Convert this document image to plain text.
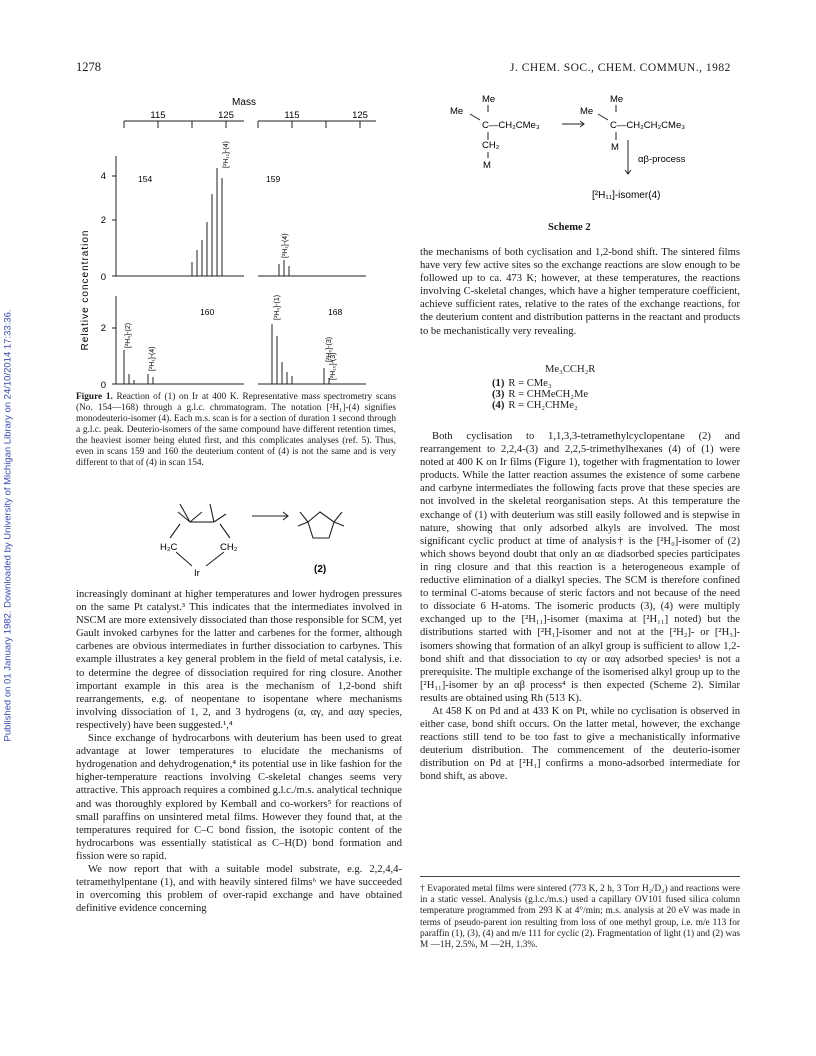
Published on 01 January 1982. Downloaded by University of Michigan Library on 24/10/2014 17:33:36.
1278	J. CHEM. SOC., CHEM. COMMUN., 1982
Mass
115	125	115	125
Relative concentration
4
2
0
154
[²H₁₁]-(4)
159
[²H₁]-(4)
2
0
160
[²H₀]-(2)
[²H₁]-(4)
168
[²H₀]-(1)
[²H₀]-(3)
[²H₁₀]-(3)
Figure 1. Reaction of (1) on Ir at 400 K. Representative mass spectrometry scans (No. 154—168) through a g.l.c. chromatogram. The notation [²H₁]-(4) signifies monodeuterio-isomer (4). Each m.s. scan is for a section of duration 1 second through a g.l.c. peak. Deuterio-isomers of the same compound have different retention times, the heaviest isomer being eluted first, and this complicates analyses (ref. 5). Thus, even in scans 159 and 160 the deuterium content of (4) is not the same and is very different to that of (4) in scan 154.
H₂C	CH₂
Ir	(2)

increasingly dominant at higher temperatures and lower hydrogen pressures on the same Pt catalyst.³ This indicates that the intermediates involved in NSCM are more extensively dissociated than those responsible for SCM, yet Gault invoked carbynes for the latter and carbenes for the former, although carbenes are obvious intermediates in further dissociation to carbynes. This example illustrates a key general problem in the field of metal catalysis, i.e. to determine the degree of dissociation required for ring closure. Another important example in this area is the mechanism of 1,2-bond shift rearrangements, e.g. of neopentane to isopentane where mechanisms involving dissociation of 1, 2, and 3 hydrogens (α, αγ, and ααγ species, respectively) have been suggested.¹,⁴

Since exchange of hydrocarbons with deuterium has been used to great advantage at lower temperatures to elucidate the mechanisms of hydrogenation and dehydrogenation,⁴ its potential use in like fashion for the higher-temperature reactions involving C-skeletal changes seems very attractive. This approach requires a combined g.l.c./m.s. analytical technique and was thoroughly explored by Kemball and co-workers⁵ for reactions of small paraffins on unsintered metal films. However they found that, at the temperatures required for C–C bond fission, the isotopic content of the hydrocarbons was essentially statistical as C–H(D) bond formation and fission were so rapid.

We now report that with a suitable model substrate, e.g. 2,2,4,4-tetramethylpentane (1), and with heavily sintered films⁶ we have succeeded in overcoming this problem of over-rapid exchange and have obtained definitive evidence concerning

Me
Me
C—CH₂CMe₃
CH₂
M
Me
Me
C—CH₂CH₂CMe₃
M
αβ-process
[²H₁₁]-isomer(4)
Scheme 2

the mechanisms of both cyclisation and 1,2-bond shift. The sintered films have very few active sites so the exchange reactions are slow enough to be followed up to ca. 473 K; however, at these temperatures, the reactions involving C-skeletal changes, which have a higher temperature coefficient, achieve sufficient rates, relative to the rates of the exchange reactions, for the deuterium content and distribution patterns in the reactant and products to be mechanistically very revealing.

Me₃CCH₂R
(1)	R = CMe₃
(3)	R = CHMeCH₂Me
(4)	R = CH₂CHMe₂

Both cyclisation to 1,1,3,3-tetramethylcyclopentane (2) and rearrangement to 2,2,4-(3) and 2,2,5-trimethylhexanes (4) of (1) were noted at 400 K on Ir films (Figure 1), together with fragmentation to lower products. While the latter reaction assumes the existence of some carbene and carbyne intermediates the following facts prove that these species are not involved in the skeletal reorganisation steps. At this temperature the exchange of (1) with deuterium was still easily followed and is stepwise in nature, showing that only adsorbed alkyls are involved. The most significant cyclic product at time of analysis† is the [²H₀]-isomer of (2) which shows beyond doubt that only an αε diadsorbed species participates in ring closure and that this reaction is a heterogeneous example of reductive elimination of a dialkyl species. The SCM is therefore confined to terminal C-atoms because of steric factors and not because of the need to dissociate 6 H-atoms. The isomeric products (3), (4) were multiply exchanged up to the [²H₁₁]-isomer (maxima at [²H₁₁] noted) but the distributions started with [²H₁]-isomer and not at the [²H₂]- or [²H₃]-isomers showing that formation of an alkyl group is sufficient to allow 1,2-bond shift and that dissociation to αγ or ααγ adsorbed species¹ is not a prerequisite. The multiple exchange of the isomerised alkyl group up to the [²H₁₁]-isomer by an αβ process⁴ is then expected (Scheme 2). Similar results are obtained using Rh (513 K).

At 458 K on Pd and at 433 K on Pt, while no cyclisation is observed in either case, bond shift occurs. On the latter metal, however, the exchange reactions still tend to be too fast to give a mechanistically informative deuterium distribution. The commencement of the deuterio-isomer distribution on Pd at [²H₁] confirms a mono-adsorbed intermediate for bond shift, as above.

† Evaporated metal films were sintered (773 K, 2 h, 3 Torr H₂/D₂) and reactions were in a static vessel. Analysis (g.l.c./m.s.) used a capillary OV101 fused silica column temperature programmed from 293 K at 4°/min; m.s. analysis at 20 eV was made in terms of pseudo-parent ion resulting from loss of one methyl group, i.e. m/e 113 for paraffin (1), (3), (4) and m/e 111 for cyclic (2). Fragmentation of light (1) and (2) was M —1H, 2.5%, M —2H, 1.3%.
